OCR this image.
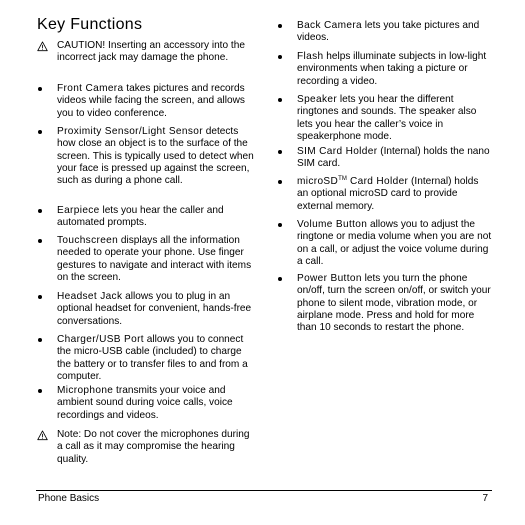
Key Functions
CAUTION! Inserting an accessory into the incorrect jack may damage the phone.
Front Camera takes pictures and records videos while facing the screen, and allows you to video conference.
Proximity Sensor/Light Sensor detects how close an object is to the surface of the screen. This is typically used to detect when your face is pressed up against the screen, such as during a phone call.
Earpiece lets you hear the caller and automated prompts.
Touchscreen displays all the information needed to operate your phone. Use finger gestures to navigate and interact with items on the screen.
Headset Jack allows you to plug in an optional headset for convenient, hands-free conversations.
Charger/USB Port allows you to connect the micro-USB cable (included) to charge the battery or to transfer files to and from a computer.
Microphone transmits your voice and ambient sound during voice calls, voice recordings and videos.
Note: Do not cover the microphones during a call as it may compromise the hearing quality.
Back Camera lets you take pictures and videos.
Flash helps illuminate subjects in low-light environments when taking a picture or recording a video.
Speaker lets you hear the different ringtones and sounds. The speaker also lets you hear the caller’s voice in speakerphone mode.
SIM Card Holder (Internal) holds the nano SIM card.
microSD™ Card Holder (Internal) holds an optional microSD card to provide external memory.
Volume Button allows you to adjust the ringtone or media volume when you are not on a call, or adjust the voice volume during a call.
Power Button lets you turn the phone on/off, turn the screen on/off, or switch your phone to silent mode, vibration mode, or airplane mode. Press and hold for more than 10 seconds to restart the phone.
Phone Basics	7
